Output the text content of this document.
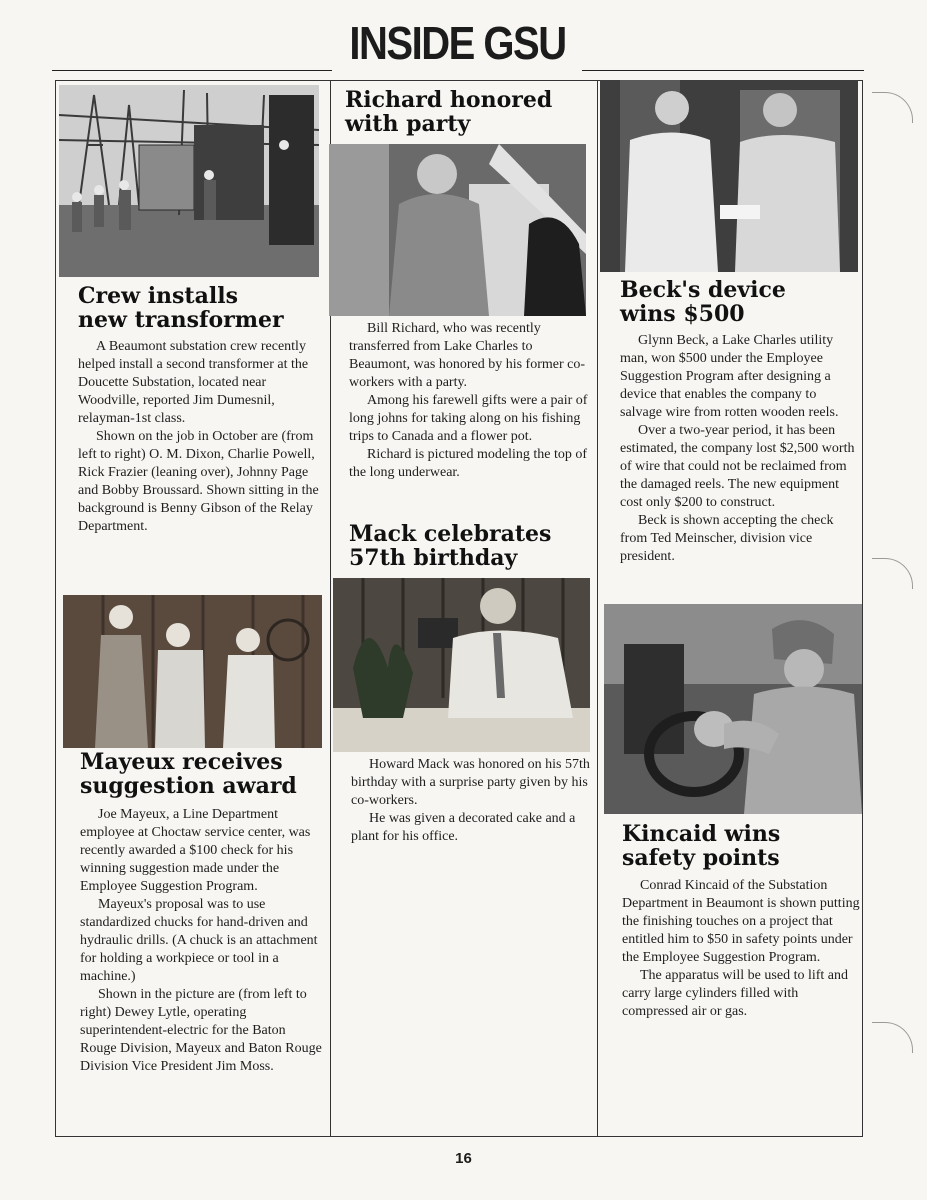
INSIDE GSU
Crew installs
new transformer

A Beaumont substation crew recently helped install a second transformer at the Doucette Substation, located near Woodville, reported Jim Dumesnil, relayman-1st class.

Shown on the job in October are (from left to right) O. M. Dixon, Charlie Powell, Rick Frazier (leaning over), Johnny Page and Bobby Broussard. Shown sitting in the background is Benny Gibson of the Relay Department.

Mayeux receives
suggestion award

Joe Mayeux, a Line Department employee at Choctaw service center, was recently awarded a $100 check for his winning suggestion made under the Employee Suggestion Program.

Mayeux's proposal was to use standardized chucks for hand-driven and hydraulic drills. (A chuck is an attachment for holding a workpiece or tool in a machine.)

Shown in the picture are (from left to right) Dewey Lytle, operating superintendent-electric for the Baton Rouge Division, Mayeux and Baton Rouge Division Vice President Jim Moss.

Richard honored
with party

Bill Richard, who was recently transferred from Lake Charles to Beaumont, was honored by his former co-workers with a party.

Among his farewell gifts were a pair of long johns for taking along on his fishing trips to Canada and a flower pot.

Richard is pictured modeling the top of the long underwear.

Mack celebrates
57th birthday

Howard Mack was honored on his 57th birthday with a surprise party given by his co-workers.

He was given a decorated cake and a plant for his office.

Beck's device
wins $500

Glynn Beck, a Lake Charles utility man, won $500 under the Employee Suggestion Program after designing a device that enables the company to salvage wire from rotten wooden reels.

Over a two-year period, it has been estimated, the company lost $2,500 worth of wire that could not be reclaimed from the damaged reels. The new equipment cost only $200 to construct.

Beck is shown accepting the check from Ted Meinscher, division vice president.

Kincaid wins
safety points

Conrad Kincaid of the Substation Department in Beaumont is shown putting the finishing touches on a project that entitled him to $50 in safety points under the Employee Suggestion Program.

The apparatus will be used to lift and carry large cylinders filled with compressed air or gas.

16
